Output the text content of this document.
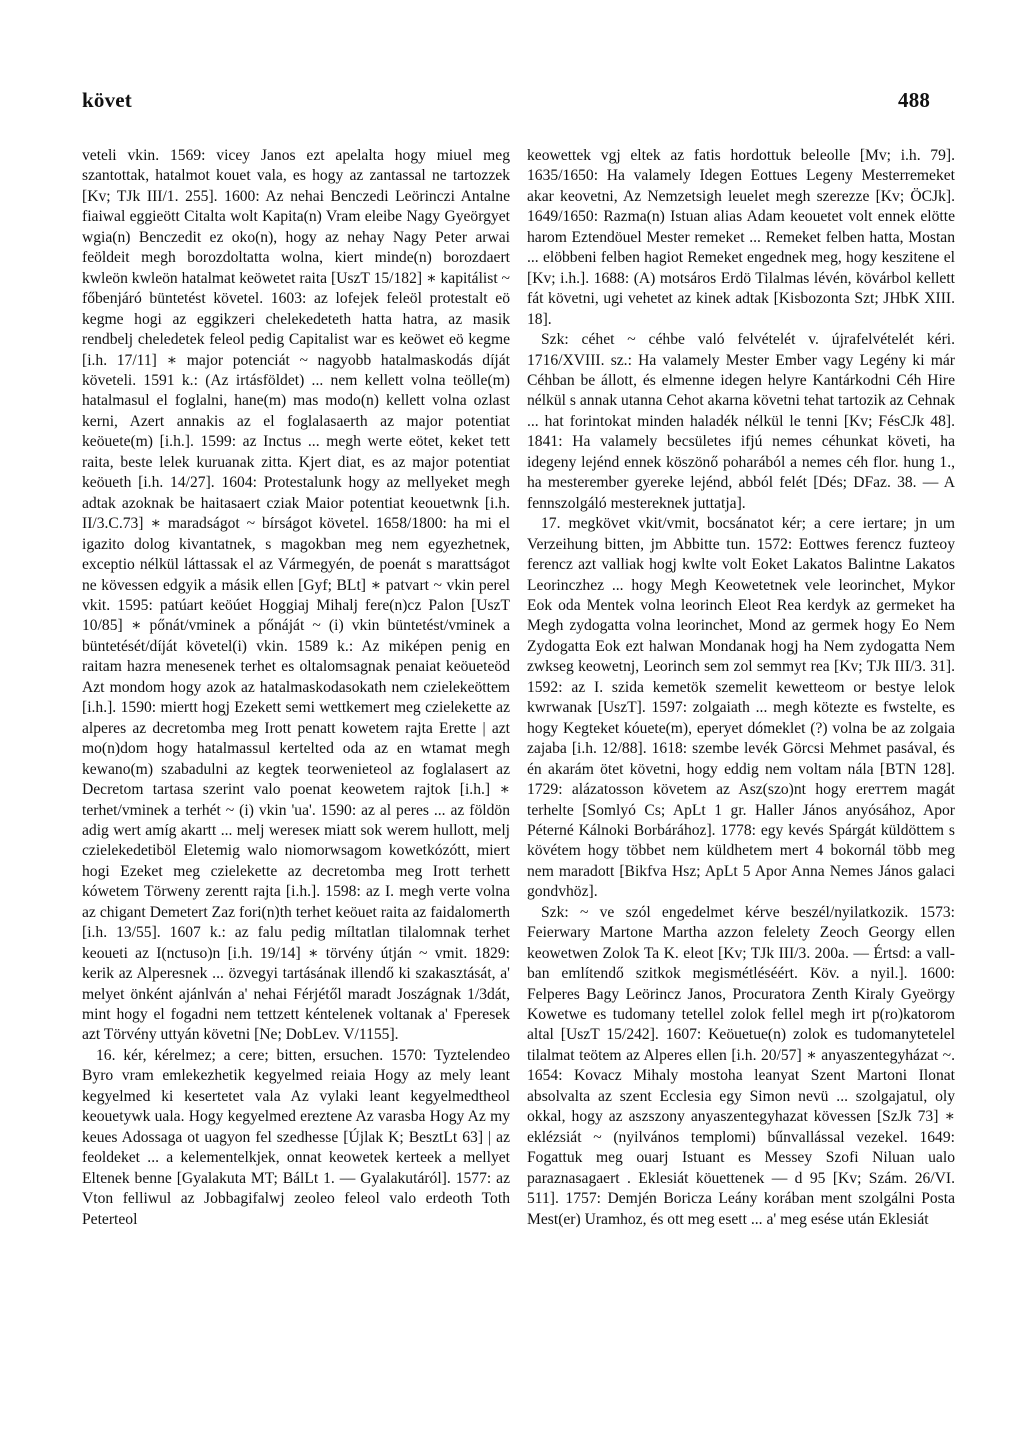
követ	488

veteli vkin. 1569: vicey Janos ezt apelalta hogy miuel meg szantottak, hatalmot kouet vala, es hogy az zantassal ne tartozzek [Kv; TJk III/1. 255]. 1600: Az nehai Benczedi Leörinczi Antalne fiaiwal eggieött Citalta wolt Kapita(n) Vram eleibe Nagy Gyeörgyet wgia(n) Benczedit ez oko(n), hogy az nehay Nagy Peter arwai feöldeit megh borozdoltatta wolna, kiert minde(n) borozdaert kwleön kwleön hatalmat keöwetet raita [UszT 15/182] ∗ kapitálist ~ főbenjáró büntetést követel. 1603: az lofejek feleöl protestalt eö kegme hogi az eggikzeri chelekedeteth hatta hatra, az masik rendbelj cheledetek feleol pedig Capitalist war es keöwet eö kegme [i.h. 17/11] ∗ major potenciát ~ nagyobb hatalmaskodás díját követeli. 1591 k.: (Az irtásföldet) ... nem kellett volna teölle(m) hatalmasul el foglalni, hane(m) mas modo(n) kellett volna ozlast kerni, Azert annakis az el foglalasaerth az major potentiat keöuete(m) [i.h.]. 1599: az Inctus ... megh werte eötet, keket tett raita, beste lelek kuruanak zitta. Kjert diat, es az major potentiat keöueth [i.h. 14/27]. 1604: Protestalunk hogy az mellyeket megh adtak azoknak be haitasaert cziak Maior potentiat keouetwnk [i.h. II/3.C.73] ∗ maradságot ~ bírságot követel. 1658/1800: ha mi el igazito dolog kivantatnek, s magokban meg nem egyezhetnek, exceptio nélkül láttassak el az Vármegyén, de poenát s marattságot ne kövessen edgyik a másik ellen [Gyf; BLt] ∗ patvart ~ vkin perel vkit. 1595: patúart keöúet Hoggiaj Mihalj fere(n)cz Palon [UszT 10/85] ∗ pőnát/vminek a pőnáját ~ (i) vkin büntetést/vminek a büntetését/díját követel(i) vkin. 1589 k.: Az miképen penig en raitam hazra menesenek terhet es oltalomsagnak penaiat keöueteöd Azt mondom hogy azok az hatalmaskodasokath nem czielekeöttem [i.h.]. 1590: miertt hogj Ezekett semi wettkemert meg czielekette az alperes az decretomba meg Irott penatt kowetem rajta Erette | azt mo(n)dom hogy hatalmassul kertelted oda az en wtamat megh kewano(m) szabadulni az kegtek teorwenieteol az foglalasert az Decretom tartasa szerint valo poenat keowetem rajtok [i.h.] ∗ terhet/vminek a terhét ~ (i) vkin 'ua'. 1590: az al peres ... az földön adig wert amíg akartt ... melj wereseк miatt sok werem hullott, melj czielekedetiböl Eletemig walo niomorwsagom kowetkózótt, miert hogi Ezeket meg czielekette az decretomba meg Irott terhett kówetem Törweny zerentt rajta [i.h.]. 1598: az I. megh verte volna az chigant Demetert Zaz fori(n)th terhet keöuet raita az faidalomerth [i.h. 13/55]. 1607 k.: az falu pedig míltatlan tilalomnak terhet keoueti az I(nctuso)n [i.h. 19/14] ∗ törvény útján ~ vmit. 1829: kerik az Alperesnek ... özvegyi tartásának illendő ki szakasztását, a' melyet önként ajánlván a' nehai Férjétől maradt Joszágnak 1/3dát, mint hogy el fogadni nem tettzett kéntelenek voltanak a' Fperesek azt Törvény uttyán követni [Ne; DobLev. V/1155].

16. kér, kérelmez; a cere; bitten, ersuchen. 1570: Tyztelendeo Byro vram emlekezhetik kegyelmed reiaia Hogy az mely leant kegyelmed ki kesertetet vala Az vylaki leant kegyelmedtheol keouetywk uala. Hogy kegyelmed ereztene Az varasba Hogy Az my keues Adossaga ot uagyon fel szedhesse [Újlak K; BesztLt 63] | az feoldeket ... a kelementelkjek, onnat keowetek kerteek a mellyet Eltenek benne [Gyalakuta MT; BálLt 1. — Gyalakutáról]. 1577: az Vton felliwul az Jobbagifalwj zeoleo feleol valo erdeoth Toth Peterteol

keowettek vgj eltek az fatis hordottuk beleolle [Mv; i.h. 79]. 1635/1650: Ha valamely Idegen Eottues Legeny Mesterremeket akar keovetni, Az Nemzetsigh leuelet megh szerezze [Kv; ÖCJk]. 1649/1650: Razma(n) Istuan alias Adam keouetet volt ennek elötte harom Eztendöuel Mester remeket ... Remeket felben hatta, Mostan ... elöbbeni felben hagiot Remeket engednek meg, hogy keszitene el [Kv; i.h.]. 1688: (A) motsáros Erdö Tilalmas lévén, kövárbol kellett fát követni, ugi vehetet az kinek adtak [Kisbozonta Szt; JHbK XIII. 18].

Szk: céhet ~ céhbe való felvételét v. újrafelvételét kéri. 1716/XVIII. sz.: Ha valamely Mester Ember vagy Legény ki már Céhban be állott, és elmenne idegen helyre Kantárkodni Céh Hire nélkül s annak utanna Cehot akarna követni tehat tartozik az Cehnak ... hat forintokat minden haladék nélkül le tenni [Kv; FésCJk 48]. 1841: Ha valamely becsületes ifjú nemes céhunkat követi, ha idegeny lejénd ennek köszönő poharából a nemes céh flor. hung 1., ha mesterember gyereke lejénd, abból felét [Dés; DFaz. 38. — A fennszolgáló mestereknek juttatja].

17. megkövet vkit/vmit, bocsánatot kér; a cere iertare; jn um Verzeihung bitten, jm Abbitte tun. 1572: Eottwes ferencz fuzteoy ferencz azt valliak hogj kwlte volt Eoket Lakatos Balintne Lakatos Leorinczhez ... hogy Megh Keowetetnek vele leorinchet, Mykor Eok oda Mentek volna leorinch Eleot Rea kerdyk az germeket ha Megh zydogatta volna leorinchet, Mond az germek hogy Eo Nem Zydogatta Eok ezt halwan Mondanak hogj ha Nem zydogatta Nem zwkseg keowetnj, Leorinch sem zol semmyt rea [Kv; TJk III/3. 31]. 1592: az I. szida kemetök szemelit kewetteom or bestye lelok kwrwanak [UszT]. 1597: zolgaiath ... megh kötezte es fwstelte, es hogy Kegteket kóuete(m), eperyet dómeklet (?) volna be az zolgaia zajaba [i.h. 12/88]. 1618: szembe levék Görcsi Mehmet pasával, és én akarám ötet követni, hogy eddig nem voltam nála [BTN 128]. 1729: alázatosson követem az Asz(szo)nt hogy ereттem magát terhelte [Somlyó Cs; ApLt 1 gr. Haller János anyósához, Apor Péterné Kálnoki Borbárához]. 1778: egy kevés Spárgát küldöttem s kövétem hogy többet nem küldhetem mert 4 bokornál több meg nem maradott [Bikfva Hsz; ApLt 5 Apor Anna Nemes János galaci gondvhöz].

Szk: ~ ve szól engedelmet kérve beszél/nyilatkozik. 1573: Feierwary Martone Martha azzon felelety Zeoch Georgy ellen keowetwen Zolok Ta K. eleot [Kv; TJk III/3. 200a. — Értsd: a vall-ban említendő szitkok megismétléséért. Köv. a nyil.]. 1600: Felperes Bagy Leörincz Janos, Procuratora Zenth Kiraly Gyeörgy Kowetwe es tudomany tetellel zolok fellel megh irt p(ro)katorom altal [UszT 15/242]. 1607: Keöuetue(n) zolok es tudomanytetelel tilalmat teötem az Alperes ellen [i.h. 20/57] ∗ anyaszentegyházat ~. 1654: Kovacz Mihaly mostoha leanyat Szent Martoni Ilonat absolvalta az szent Ecclesia egy Simon nevü ... szolgajatul, oly okkal, hogy az aszszony anyaszentegyhazat kövessen [SzJk 73] ∗ eklézsiát ~ (nyilvános templomi) bűnvallással vezekel. 1649: Fogattuk meg ouarj Istuant es Messey Szofi Niluan ualo paraznasagaert . Eklesiát köuettenek — d 95 [Kv; Szám. 26/VI. 511]. 1757: Demjén Boricza Leány korában ment szolgálni Posta Mest(er) Uramhoz, és ott meg esett ... a' meg esése után Eklesiát
